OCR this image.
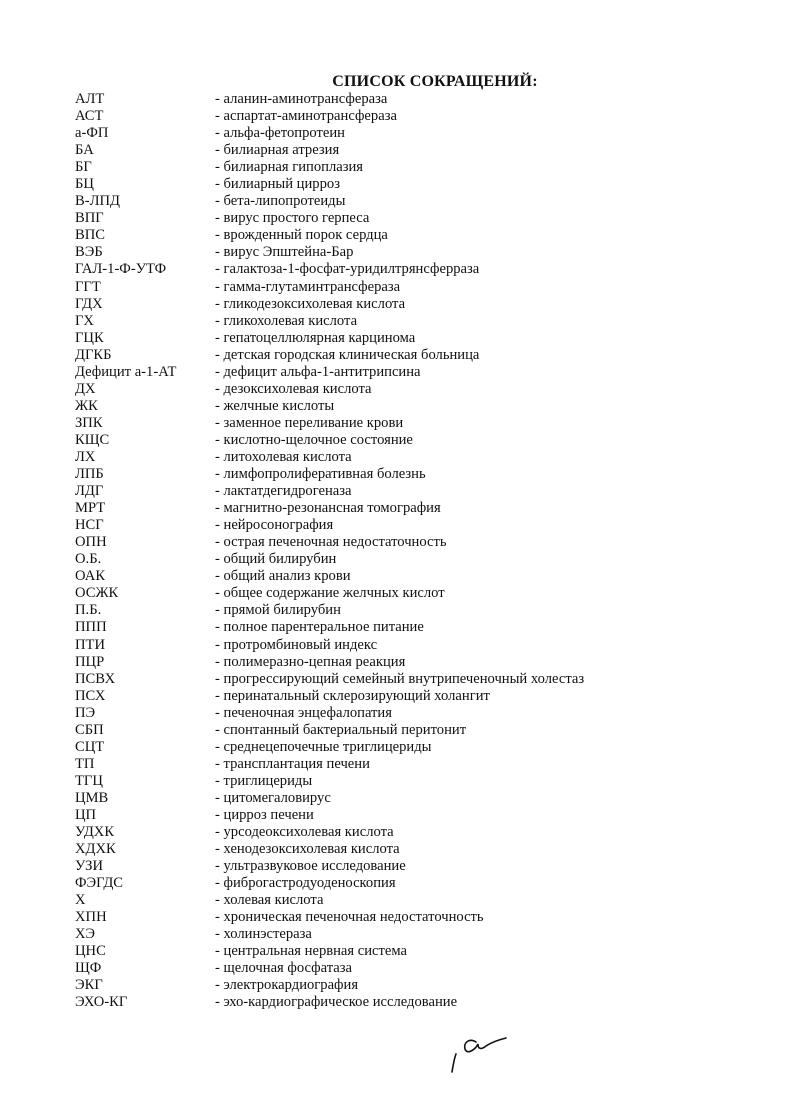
СПИСОК СОКРАЩЕНИЙ:
АЛТ	- аланин-аминотрансфераза
АСТ	- аспартат-аминотрансфераза
а-ФП	- альфа-фетопротеин
БА	- билиарная атрезия
БГ	- билиарная гипоплазия
БЦ	- билиарный цирроз
В-ЛПД	- бета-липопротеиды
ВПГ	- вирус простого герпеса
ВПС	- врожденный порок сердца
ВЭБ	- вирус Эпштейна-Бар
ГАЛ-1-Ф-УТФ	- галактоза-1-фосфат-уридилтрянсферраза
ГГТ	- гамма-глутаминтрансфераза
ГДХ	- гликодезоксихолевая кислота
ГХ	- гликохолевая кислота
ГЦК	- гепатоцеллюлярная карцинома
ДГКБ	- детская городская клиническая больница
Дефицит а-1-АТ	- дефицит альфа-1-антитрипсина
ДХ	- дезоксихолевая кислота
ЖК	- желчные кислоты
ЗПК	- заменное переливание крови
КЩС	- кислотно-щелочное состояние
ЛХ	- литохолевая кислота
ЛПБ	- лимфопролиферативная болезнь
ЛДГ	- лактатдегидрогеназа
МРТ	- магнитно-резонансная томография
НСГ	- нейросонография
ОПН	- острая печеночная недостаточность
О.Б.	- общий билирубин
ОАК	- общий анализ крови
ОСЖК	- общее содержание желчных кислот
П.Б.	- прямой билирубин
ППП	- полное парентеральное питание
ПТИ	- протромбиновый индекс
ПЦР	- полимеразно-цепная реакция
ПСВХ	- прогрессирующий семейный внутрипеченочный холестаз
ПСХ	- перинатальный склерозирующий холангит
ПЭ	- печеночная энцефалопатия
СБП	- спонтанный бактериальный перитонит
СЦТ	- среднецепочечные триглицериды
ТП	- трансплантация печени
ТГЦ	- триглицериды
ЦМВ	- цитомегаловирус
ЦП	- цирроз печени
УДХК	- урсодеоксихолевая кислота
ХДХК	- хенодезоксихолевая кислота
УЗИ	- ультразвуковое исследование
ФЭГДС	- фиброгастродуоденоскопия
Х	- холевая кислота
ХПН	- хроническая печеночная недостаточность
ХЭ	- холинэстераза
ЦНС	- центральная нервная система
ЩФ	- щелочная фосфатаза
ЭКГ	- электрокардиография
ЭХО-КГ	- эхо-кардиографическое исследование
